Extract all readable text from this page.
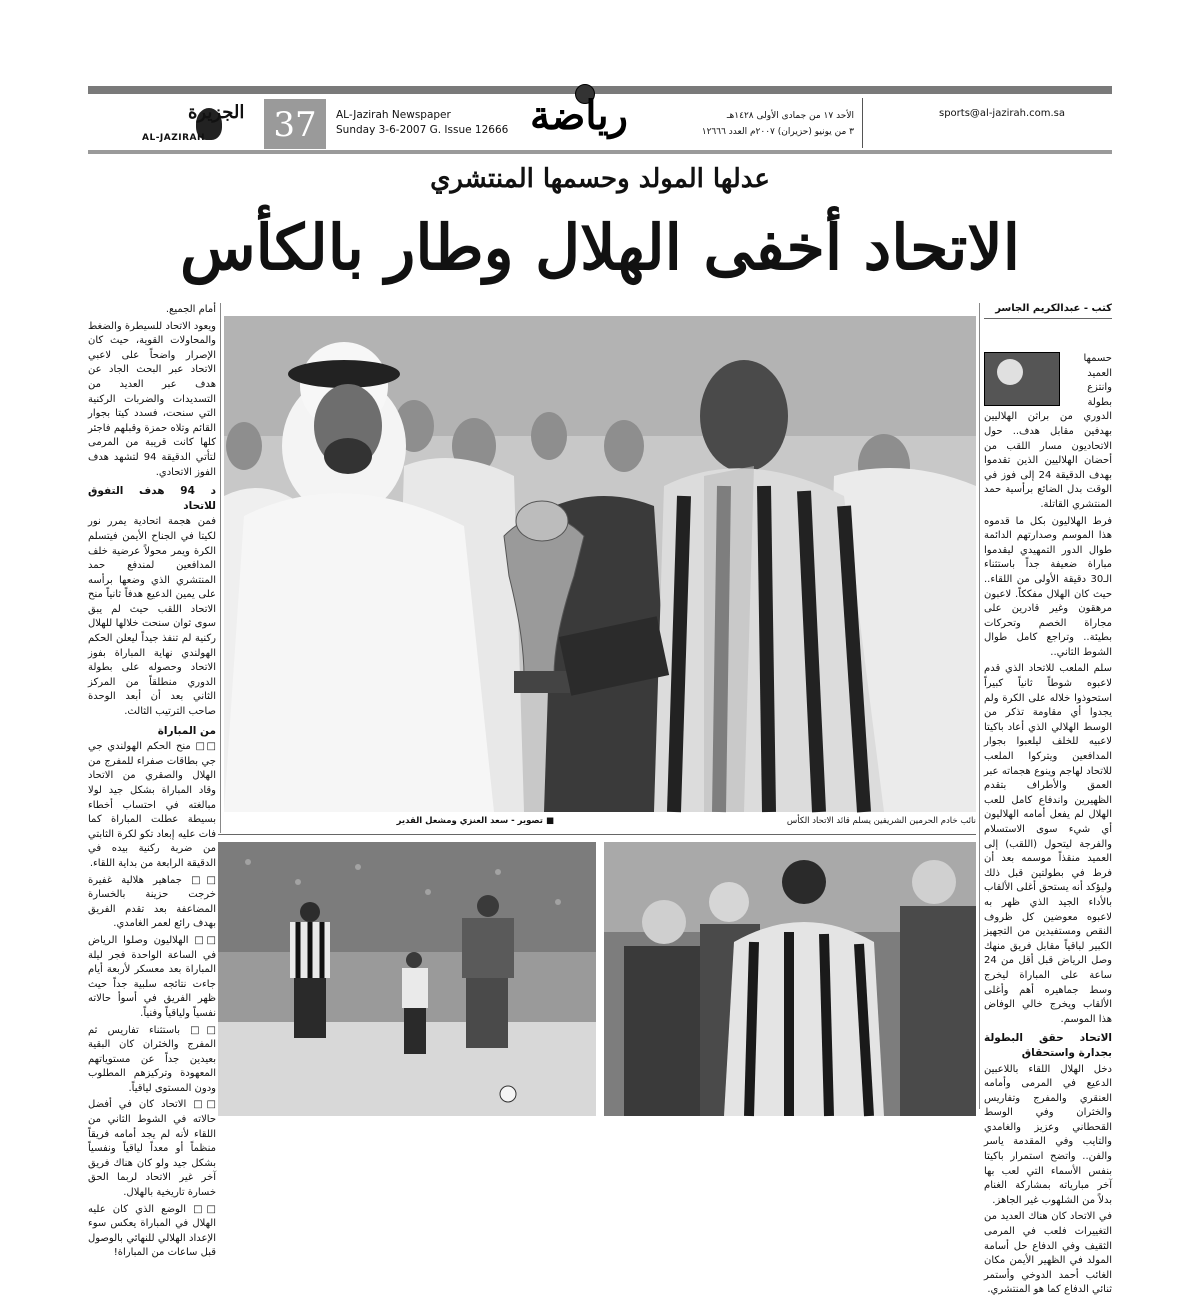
الجزيرة
AL-JAZIRAH 37	AL-Jazirah Newspaper
Sunday 3-6-2007 G. Issue 12666 رياضة	الأحد ١٧ من جمادى الأولى ١٤٢٨هـ
٣ من يونيو (حزيران) ٢٠٠٧م العدد ١٢٦٦٦
sports@al-jazirah.com.sa
عدلها المولد وحسمها المنتشري
الاتحاد أخفى الهلال وطار بالكأس
كتب - عبدالكريم الجاسر

حسمها العميد وانتزع بطولة الدوري من براثن الهلاليين بهدفين مقابل هدف.. حول الاتحاديون مسار اللقب من أحضان الهلاليين الذين تقدموا بهدف الدقيقة 24 إلى فوز في الوقت بدل الضائع برأسية حمد المنتشري القاتلة.

فرط الهلاليون بكل ما قدموه هذا الموسم وصدارتهم الدائمة طوال الدور التمهيدي ليقدموا مباراة ضعيفة جداً باستثناء الـ30 دقيقة الأولى من اللقاء.. حيث كان الهلال مفككاً. لاعبون مرهقون وغير قادرين على مجاراة الخصم وتحركات بطيئة.. وتراجع كامل طوال الشوط الثاني..

سلم الملعب للاتحاد الذي قدم لاعبوه شوطاً ثانياً كبيراً استحوذوا خلاله على الكرة ولم يجدوا أي مقاومة تذكر من الوسط الهلالي الذي أعاد باكيتا لاعبيه للخلف ليلعبوا بجوار المدافعين ويتركوا الملعب للاتحاد لهاجم وينوع هجماته عبر العمق والأطراف بتقدم الظهيرين واندفاع كامل للعب الهلال لم يفعل أمامه الهلاليون أي شيء سوى الاستسلام والفرجة ليتحول (اللقب) إلى العميد منقذاً موسمه بعد أن فرط في بطولتين قبل ذلك وليؤكد أنه يستحق أغلى الألقاب بالأداء الجيد الذي ظهر به لاعبوه معوضين كل ظروف النقص ومستفيدين من التجهيز الكبير لباقياً مقابل فريق منهك وصل الرياض قبل أقل من 24 ساعة على المباراة ليخرج وسط جماهيره أهم وأغلى الألقاب ويخرج خالي الوفاض هذا الموسم.

الاتحاد حقق البطولة بجدارة واستحقاق

دخل الهلال اللقاء باللاعبين الدعيع في المرمى وأمامه العنقري والمفرج وتفاريس والخثران وفي الوسط القحطاني وعزيز والغامدي والتايب وفي المقدمة ياسر والفن.. واتضح استمرار باكيتا بنفس الأسماء التي لعب بها آخر مبارياته بمشاركة الغنام بدلاً من الشلهوب غير الجاهز.

في الاتحاد كان هناك العديد من التغييرات فلعب في المرمى الثقيف وفي الدفاع حل أسامة المولد في الظهير الأيمن مكان الغائب أحمد الدوخي وأستمر ثنائي الدفاع كما هو المنتشري.

أمام الجميع.

ويعود الاتحاد للسيطرة والضغط والمحاولات القوية، حيث كان الإصرار واضحاً على لاعبي الاتحاد عبر البحث الجاد عن هدف عبر العديد من التسديدات والضربات الركنية التي سنحت، فسدد كيتا بجوار القائم وتلاه حمزة وقبلهم فاجئر كلها كانت قريبة من المرمى لتأتي الدقيقة 94 لتشهد هدف الفوز الاتحادي.

د 94 هدف التفوق للاتحاد

فمن هجمة اتحادية يمرر نور لكيتا في الجناح الأيمن فيتسلم الكرة ويمر محولاً عرضية خلف المدافعين لمندفع حمد المنتشري الذي وضعها برأسه على يمين الدعيع هدفاً ثانياً منح الاتحاد اللقب حيث لم يبق سوى ثوان سنحت خلالها للهلال ركنية لم تنفذ جيداً ليعلن الحكم الهولندي نهاية المباراة بفوز الاتحاد وحصوله على بطولة الدوري منطلقاً من المركز الثاني بعد أن أبعد الوحدة صاحب الترتيب الثالث.

من المباراة

□□ منح الحكم الهولندي جي جي بطاقات صفراء للمفرج من الهلال والصقري من الاتحاد وقاد المباراة بشكل جيد لولا مبالغته في احتساب أخطاء بسيطة عطلت المباراة كما فات عليه إبعاد تكو لكرة الثابتي من ضربة ركنية بيده في الدقيقة الرابعة من بداية اللقاء.

□□ جماهير هلالية غفيرة خرجت حزينة بالخسارة المضاعفة بعد تقدم الفريق بهدف رائع لعمر الغامدي.

□□ الهلاليون وصلوا الرياض في الساعة الواحدة فجر ليلة المباراة بعد معسكر لأربعة أيام جاءت نتائجه سلبية جداً حيث ظهر الفريق في أسوأ حالاته نفسياً ولياقياً وفنياً.

□□ باستثناء تفاريس ثم المفرج والخثران كان البقية بعيدين جداً عن مستوياتهم المعهودة وتركيزهم المطلوب ودون المستوى لياقياً.

□□ الاتحاد كان في أفضل حالاته في الشوط الثاني من اللقاء لأنه لم يجد أمامه فريقاً منظماً أو معداً لياقياً ونفسياً بشكل جيد ولو كان هناك فريق آخر غير الاتحاد لربما الحق خسارة تاريخية بالهلال.

□□ الوضع الذي كان عليه الهلال في المباراة يعكس سوء الإعداد الهلالي للنهائي بالوصول قبل ساعات من المباراة!

نائب خادم الحرمين الشريفين يسلم قائد الاتحاد الكأس
■ تصوير - سعد العنزي ومشعل القدير
